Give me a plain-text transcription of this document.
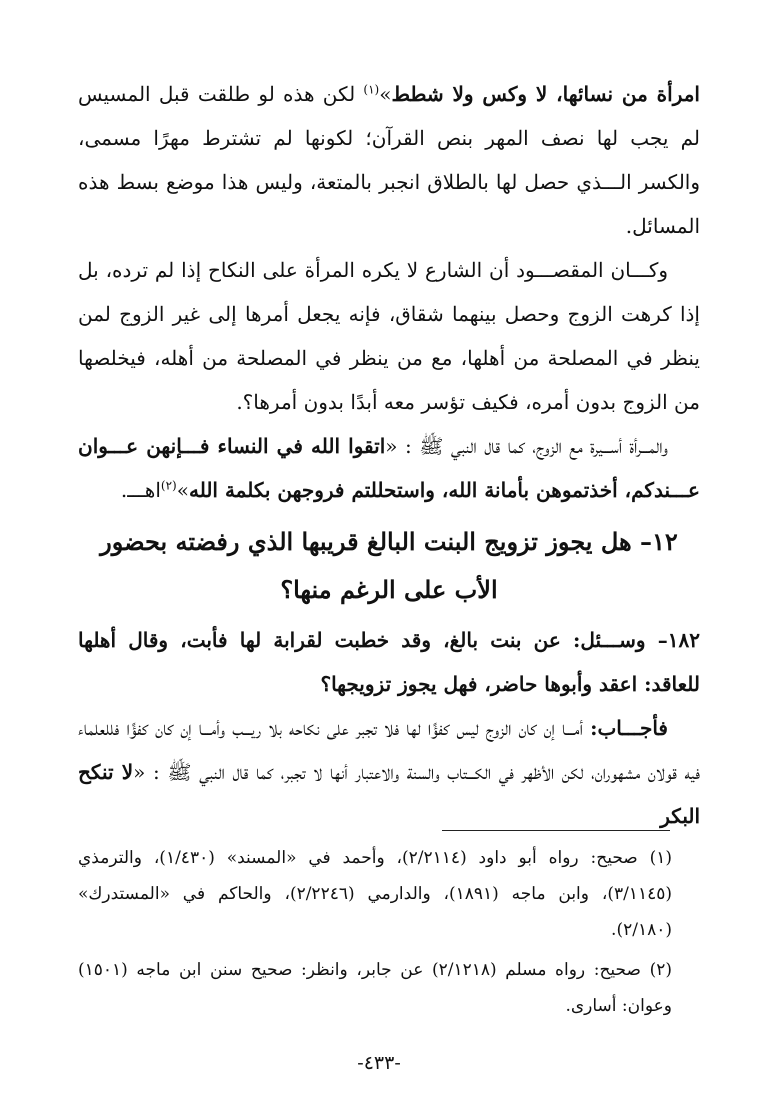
امرأة من نسائها، لا وكس ولا شطط»$^{(١)}$ لكن هذه لو طلقت قبل المسيس لم يجب لها نصف المهر بنص القرآن؛ لكونها لم تشترط مهرًا مسمى، والكسر الـــذي حصل لها بالطلاق انجبر بالمتعة، وليس هذا موضع بسط هذه المسائل.

وكـــان المقصـــود أن الشارع لا يكره المرأة على النكاح إذا لم ترده، بل إذا كرهت الزوج وحصل بينهما شقاق، فإنه يجعل أمرها إلى غير الزوج لمن ينظر في المصلحة من أهلها، مع من ينظر في المصلحة من أهله، فيخلصها من الزوج بدون أمره، فكيف تؤسر معه أبدًا بدون أمرها؟.

والمـــرأة أســـيرة مع الزوج، كما قال النبي ﷺ : «اتقوا الله في النساء فـــإنهن عـــوان عـــندكم، أخذتموهن بأمانة الله، واستحللتم فروجهن بكلمة الله»$^{(٢)}$اهـــ.

١٢– هل يجوز تزويج البنت البالغ قريبها الذي رفضته بحضور الأب على الرغم منها؟

١٨٢– وســـئل: عن بنت بالغ، وقد خطبت لقرابة لها فأبت، وقال أهلها للعاقد: اعقد وأبوها حاضر، فهل يجوز تزويجها؟

فأجـــاب: أمـــا إن كان الزوج ليس كفؤًا لها فلا تجبر على نكاحه بلا ريـــب وأمـــا إن كان كفؤًا فللعلماء فيه قولان مشهوران، لكن الأظهر في الكـــتاب والسنة والاعتبار أنها لا تجبر، كما قال النبي ﷺ : «لا تنكح البكر

(١) صحيح: رواه أبو داود (٢/٢١١٤)، وأحمد في «المسند» (١/٤٣٠)، والترمذي (٣/١١٤٥)، وابن ماجه (١٨٩١)، والدارمي (٢/٢٢٤٦)، والحاكم في «المستدرك» (٢/١٨٠).

(٢) صحيح: رواه مسلم (٢/١٢١٨) عن جابر، وانظر: صحيح سنن ابن ماجه (١٥٠١) وعوان: أسارى.

-٤٣٣-
